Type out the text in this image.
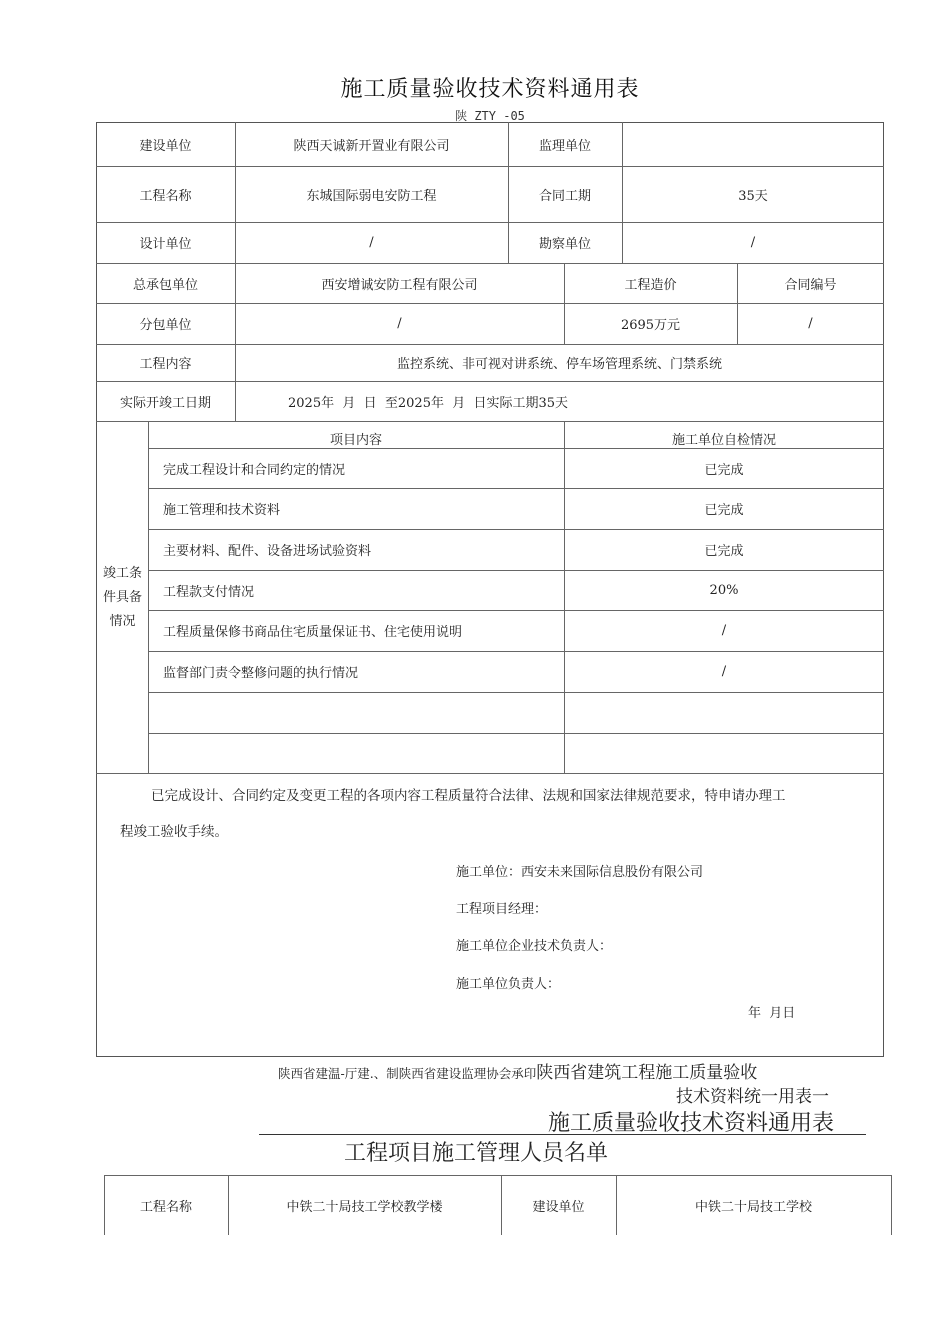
施工质量验收技术资料通用表
陕 ZTY -05
建设单位	陕西天诚新开置业有限公司	监理单位
工程名称	东城国际弱电安防工程	合同工期	35天
设计单位	/	勘察单位	/
总承包单位	西安增诚安防工程有限公司	工程造价	合同编号
分包单位	/	2695万元	/
工程内容	监控系统、非可视对讲系统、停车场管理系统、门禁系统
实际开竣工日期	2025年  月  日  至2025年  月  日实际工期35天
竣工条件具备情况
项目内容	施工单位自检情况
完成工程设计和合同约定的情况	已完成
施工管理和技术资料	已完成
主要材料、配件、设备进场试验资料	已完成
工程款支付情况	20%
工程质量保修书商品住宅质量保证书、住宅使用说明	/
监督部门责令整修问题的执行情况	/
已完成设计、合同约定及变更工程的各项内容工程质量符合法律、法规和国家法律规范要求，特申请办理工
程竣工验收手续。
施工单位：西安未来国际信息股份有限公司
工程项目经理：
施工单位企业技术负责人：
施工单位负责人：
年  月日
陕西省建温-厅建.、制陕西省建设监理协会承印陕西省建筑工程施工质量验收
技术资料统一用表一
施工质量验收技术资料通用表
工程项目施工管理人员名单
工程名称	中铁二十局技工学校教学楼	建设单位	中铁二十局技工学校
